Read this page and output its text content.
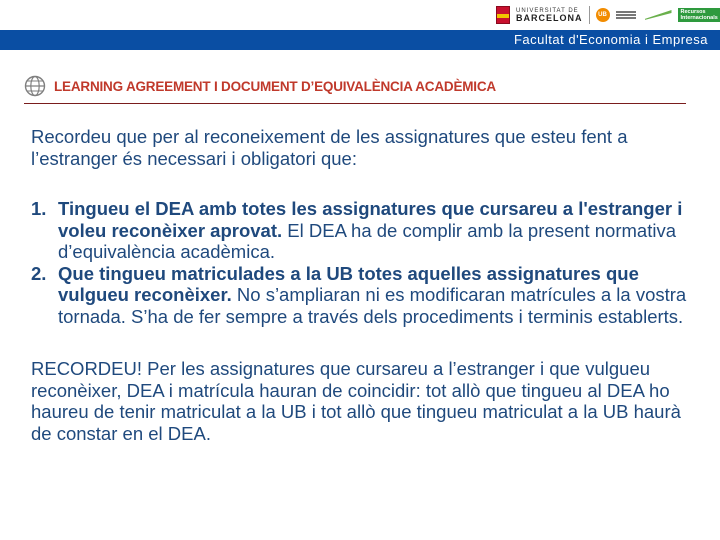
UNIVERSITAT DE
BARCELONA	UB
Recursos
Internacionals
Facultat d'Economia i Empresa
LEARNING AGREEMENT I DOCUMENT D’EQUIVALÈNCIA ACADÈMICA

Recordeu que per al reconeixement de les assignatures que esteu fent a l’estranger és necessari i obligatori que:

1. Tingueu el DEA amb totes les assignatures que cursareu a l'estranger i voleu reconèixer aprovat. El DEA ha de complir amb la present normativa d’equivalència acadèmica.
2. Que tingueu matriculades a la UB totes aquelles assignatures que vulgueu reconèixer. No s’ampliaran ni es modificaran matrícules a la vostra tornada. S’ha de fer sempre a través dels procediments i terminis establerts.

RECORDEU! Per les assignatures que cursareu a l’estranger i que vulgueu reconèixer, DEA i matrícula hauran de coincidir: tot allò que tingueu al DEA ho haureu de tenir matriculat a la UB i tot allò que tingueu matriculat a la UB haurà de constar en el DEA.
